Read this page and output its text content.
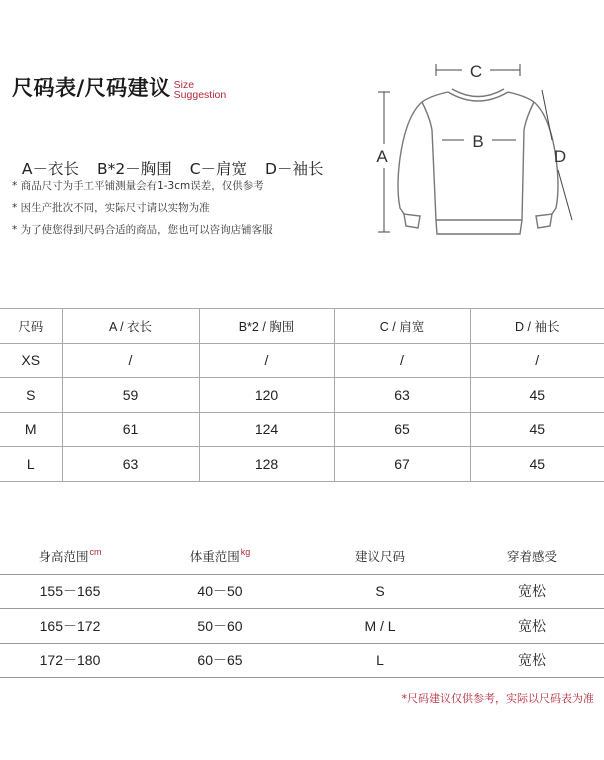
尺码表/尺码建议 Size
Suggestion

A－衣长 B*2－胸围 C－肩宽 D－袖长

* 商品尺寸为手工平铺测量会有1-3cm误差，仅供参考
* 因生产批次不同，实际尺寸请以实物为准
* 为了使您得到尺码合适的商品，您也可以咨询店铺客服
C
B
A	D
尺码	A / 衣长	B*2 / 胸围	C / 肩宽	D / 袖长
XS	/	/	/	/
S	59	120	63	45
M	61	124	65	45
L	63	128	67	45
身高范围$^{cm}$	体重范围$^{kg}$	建议尺码	穿着感受
155－165	40－50	S	宽松
165－172	50－60	M / L	宽松
172－180	60－65	L	宽松
*尺码建议仅供参考，实际以尺码表为准
